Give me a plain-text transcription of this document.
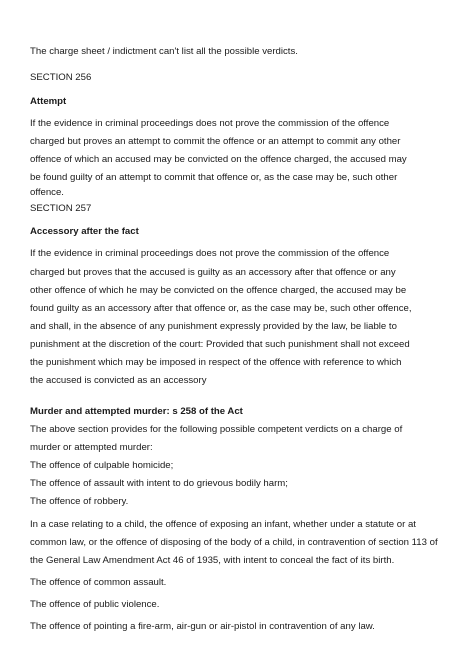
The charge sheet / indictment can't list all the possible verdicts.
SECTION 256
Attempt
If the evidence in criminal proceedings does not prove the commission of the offence
charged but proves an attempt to commit the offence or an attempt to commit any other
offence of which an accused may be convicted on the offence charged, the accused may
be found guilty of an attempt to commit that offence or, as the case may be, such other
offence.
SECTION 257
Accessory after the fact
If the evidence in criminal proceedings does not prove the commission of the offence
charged but proves that the accused is guilty as an accessory after that offence or any
other offence of which he may be convicted on the offence charged, the accused may be
found guilty as an accessory after that offence or, as the case may be, such other offence,
and shall, in the absence of any punishment expressly provided by the law, be liable to
punishment at the discretion of the court: Provided that such punishment shall not exceed
the punishment which may be imposed in respect of the offence with reference to which
the accused is convicted as an accessory
Murder and attempted murder: s 258 of the Act
The above section provides for the following possible competent verdicts on a charge of
murder or attempted murder:
The offence of culpable homicide;
The offence of assault with intent to do grievous bodily harm;
The offence of robbery.
In a case relating to a child, the offence of exposing an infant, whether under a statute or at
common law, or the offence of disposing of the body of a child, in contravention of section 113 of
the General Law Amendment Act 46 of 1935, with intent to conceal the fact of its birth.
The offence of common assault.
The offence of public violence.
The offence of pointing a fire-arm, air-gun or air-pistol in contravention of any law.
